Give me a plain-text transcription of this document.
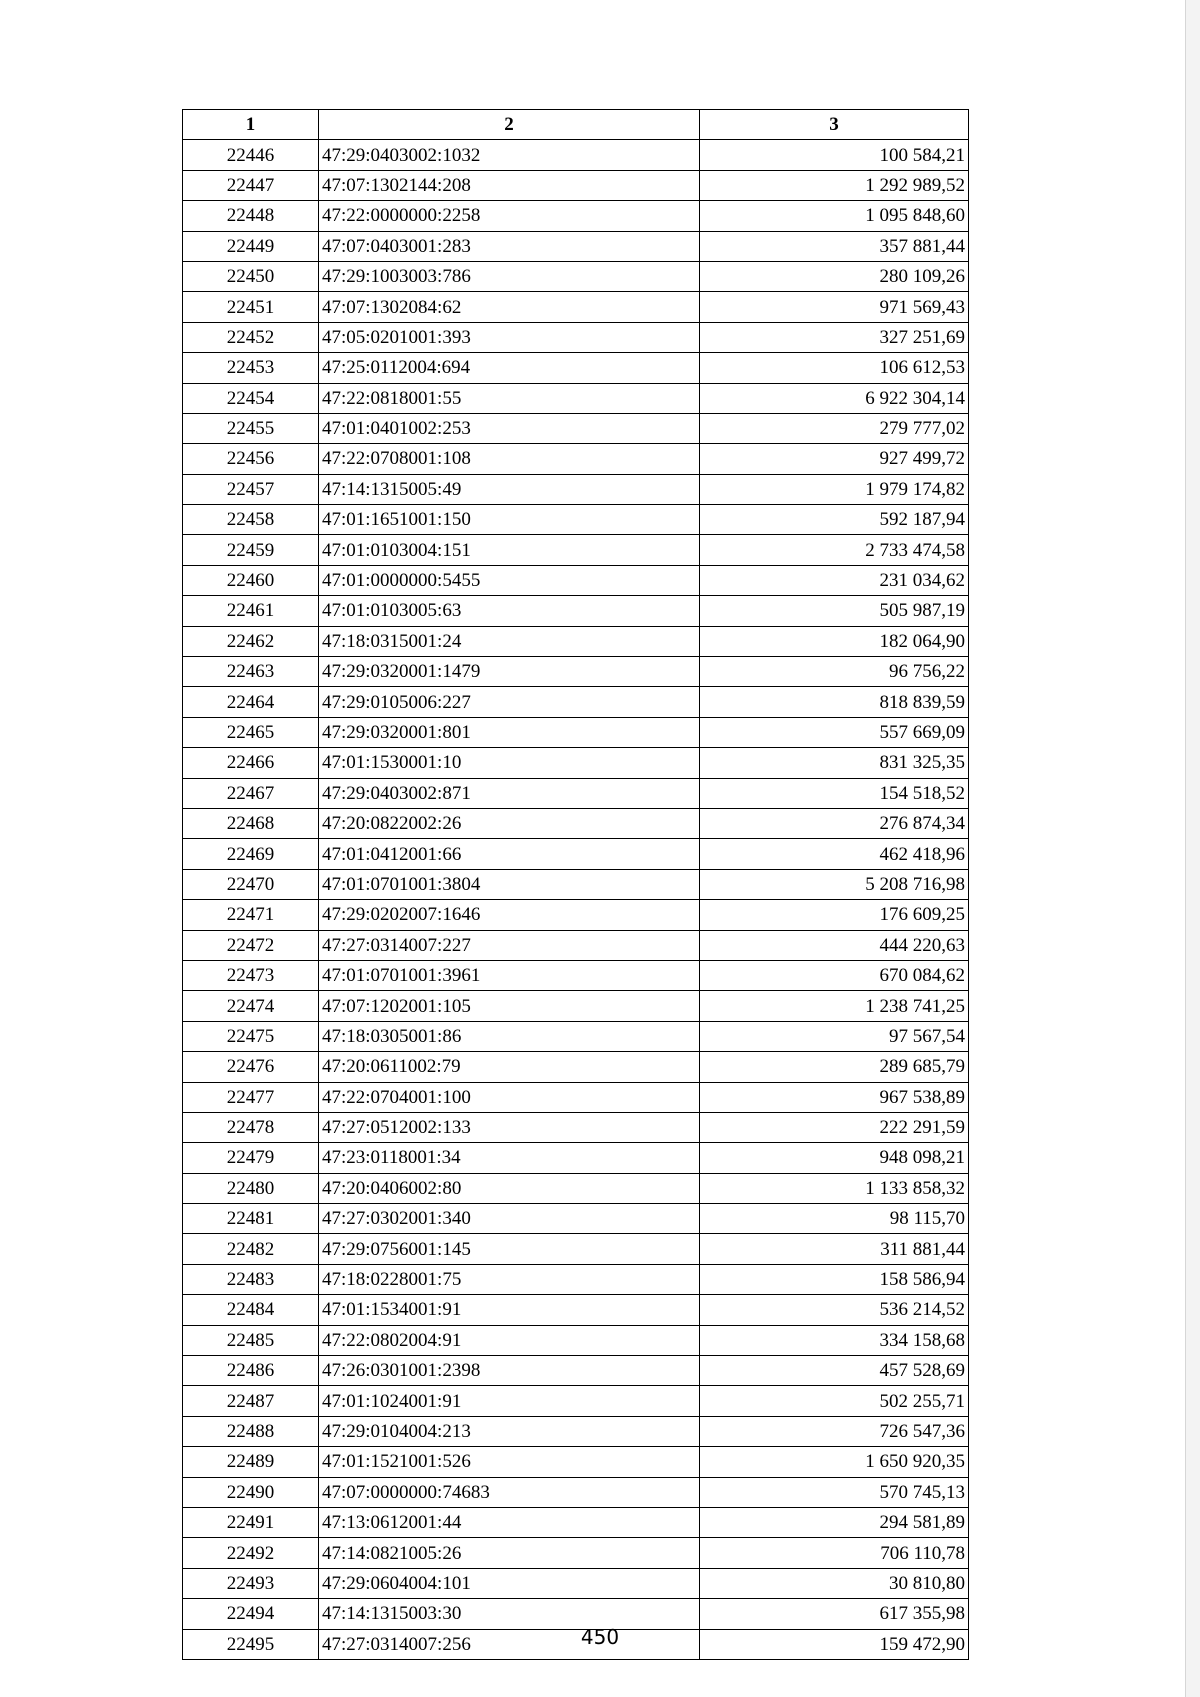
1	2	3
22446	47:29:0403002:1032	100 584,21
22447	47:07:1302144:208	1 292 989,52
22448	47:22:0000000:2258	1 095 848,60
22449	47:07:0403001:283	357 881,44
22450	47:29:1003003:786	280 109,26
22451	47:07:1302084:62	971 569,43
22452	47:05:0201001:393	327 251,69
22453	47:25:0112004:694	106 612,53
22454	47:22:0818001:55	6 922 304,14
22455	47:01:0401002:253	279 777,02
22456	47:22:0708001:108	927 499,72
22457	47:14:1315005:49	1 979 174,82
22458	47:01:1651001:150	592 187,94
22459	47:01:0103004:151	2 733 474,58
22460	47:01:0000000:5455	231 034,62
22461	47:01:0103005:63	505 987,19
22462	47:18:0315001:24	182 064,90
22463	47:29:0320001:1479	96 756,22
22464	47:29:0105006:227	818 839,59
22465	47:29:0320001:801	557 669,09
22466	47:01:1530001:10	831 325,35
22467	47:29:0403002:871	154 518,52
22468	47:20:0822002:26	276 874,34
22469	47:01:0412001:66	462 418,96
22470	47:01:0701001:3804	5 208 716,98
22471	47:29:0202007:1646	176 609,25
22472	47:27:0314007:227	444 220,63
22473	47:01:0701001:3961	670 084,62
22474	47:07:1202001:105	1 238 741,25
22475	47:18:0305001:86	97 567,54
22476	47:20:0611002:79	289 685,79
22477	47:22:0704001:100	967 538,89
22478	47:27:0512002:133	222 291,59
22479	47:23:0118001:34	948 098,21
22480	47:20:0406002:80	1 133 858,32
22481	47:27:0302001:340	98 115,70
22482	47:29:0756001:145	311 881,44
22483	47:18:0228001:75	158 586,94
22484	47:01:1534001:91	536 214,52
22485	47:22:0802004:91	334 158,68
22486	47:26:0301001:2398	457 528,69
22487	47:01:1024001:91	502 255,71
22488	47:29:0104004:213	726 547,36
22489	47:01:1521001:526	1 650 920,35
22490	47:07:0000000:74683	570 745,13
22491	47:13:0612001:44	294 581,89
22492	47:14:0821005:26	706 110,78
22493	47:29:0604004:101	30 810,80
22494	47:14:1315003:30	617 355,98
22495	47:27:0314007:256	159 472,90
450
